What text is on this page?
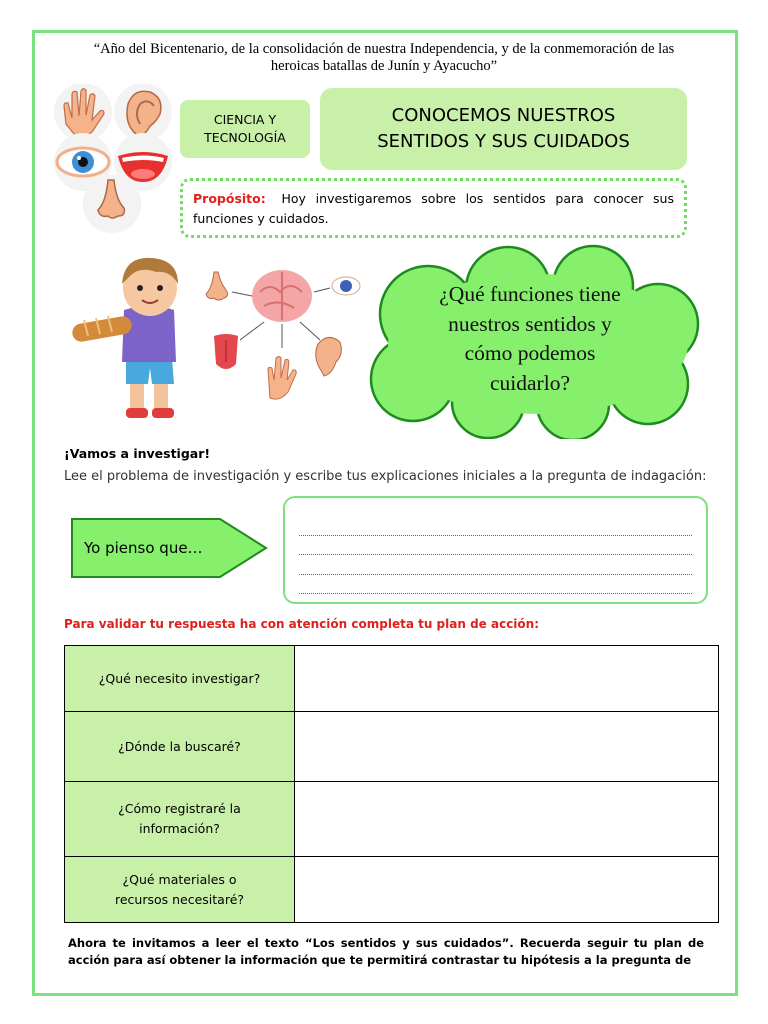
“Año del Bicentenario, de la consolidación de nuestra Independencia, y de la conmemoración de las
heroicas batallas de Junín y Ayacucho”
CIENCIA Y
TECNOLOGÍA
CONOCEMOS NUESTROS
SENTIDOS Y SUS CUIDADOS
Propósito: Hoy investigaremos sobre los sentidos para conocer sus funciones y cuidados.
¿Qué funciones tiene
nuestros sentidos y
cómo podemos
cuidarlo?
¡Vamos a investigar!
Lee el problema de investigación y escribe tus explicaciones iniciales a la pregunta de indagación:
Yo pienso que…
Para validar tu respuesta ha con atención completa tu plan de acción:
¿Qué necesito investigar?	

¿Dónde la buscaré?	

¿Cómo registraré la
información?	

¿Qué materiales o
recursos necesitaré?	

Ahora te invitamos a leer el texto “Los sentidos y sus cuidados”. Recuerda seguir tu plan de acción para así obtener la información que te permitirá contrastar tu hipótesis a la pregunta de
